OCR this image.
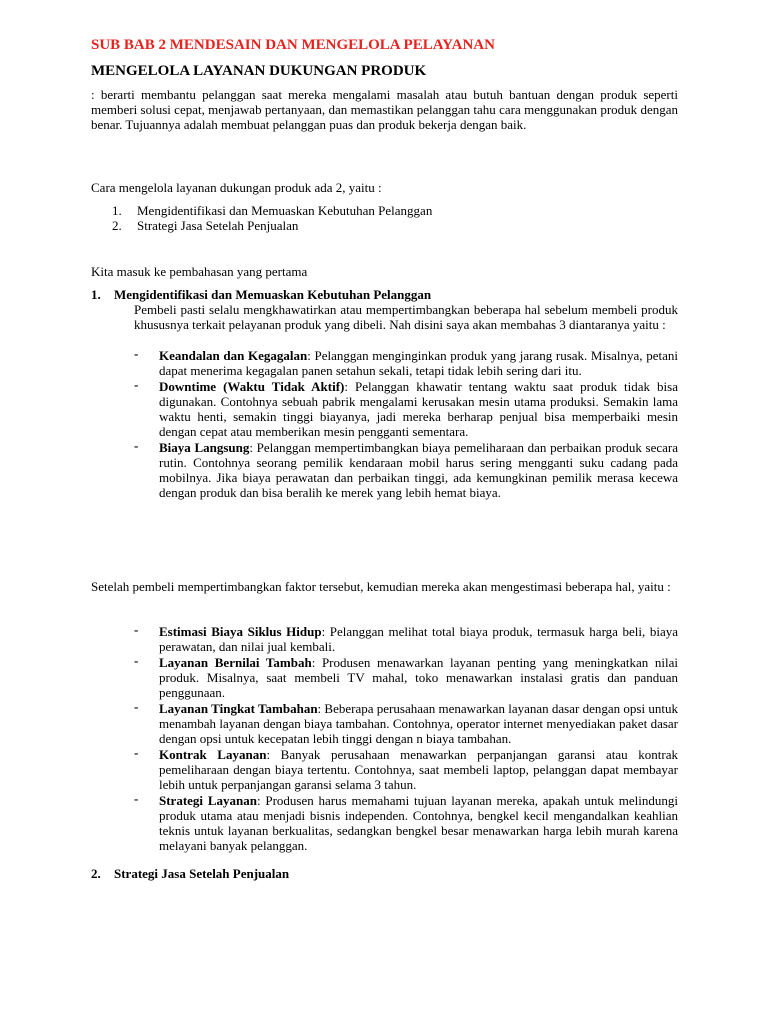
SUB BAB 2 MENDESAIN DAN MENGELOLA PELAYANAN
MENGELOLA LAYANAN DUKUNGAN PRODUK
: berarti membantu pelanggan saat mereka mengalami masalah atau butuh bantuan dengan produk seperti memberi solusi cepat, menjawab pertanyaan, dan memastikan pelanggan tahu cara menggunakan produk dengan benar. Tujuannya adalah membuat pelanggan puas dan produk bekerja dengan baik.
Cara mengelola layanan dukungan produk ada 2, yaitu :
1. Mengidentifikasi dan Memuaskan Kebutuhan Pelanggan
2. Strategi Jasa Setelah Penjualan
Kita masuk ke pembahasan yang pertama
1. Mengidentifikasi dan Memuaskan Kebutuhan Pelanggan
Pembeli pasti selalu mengkhawatirkan atau mempertimbangkan beberapa hal sebelum membeli produk khususnya terkait pelayanan produk yang dibeli. Nah disini saya akan membahas 3 diantaranya yaitu :
- Keandalan dan Kegagalan: Pelanggan menginginkan produk yang jarang rusak. Misalnya, petani dapat menerima kegagalan panen setahun sekali, tetapi tidak lebih sering dari itu.
- Downtime (Waktu Tidak Aktif): Pelanggan khawatir tentang waktu saat produk tidak bisa digunakan. Contohnya sebuah pabrik mengalami kerusakan mesin utama produksi. Semakin lama waktu henti, semakin tinggi biayanya, jadi mereka berharap penjual bisa memperbaiki mesin dengan cepat atau memberikan mesin pengganti sementara.
- Biaya Langsung: Pelanggan mempertimbangkan biaya pemeliharaan dan perbaikan produk secara rutin. Contohnya seorang pemilik kendaraan mobil harus sering mengganti suku cadang pada mobilnya. Jika biaya perawatan dan perbaikan tinggi, ada kemungkinan pemilik merasa kecewa dengan produk dan bisa beralih ke merek yang lebih hemat biaya.
Setelah pembeli mempertimbangkan faktor tersebut, kemudian mereka akan mengestimasi beberapa hal, yaitu :
- Estimasi Biaya Siklus Hidup: Pelanggan melihat total biaya produk, termasuk harga beli, biaya perawatan, dan nilai jual kembali.
- Layanan Bernilai Tambah: Produsen menawarkan layanan penting yang meningkatkan nilai produk. Misalnya, saat membeli TV mahal, toko menawarkan instalasi gratis dan panduan penggunaan.
- Layanan Tingkat Tambahan: Beberapa perusahaan menawarkan layanan dasar dengan opsi untuk menambah layanan dengan biaya tambahan. Contohnya, operator internet menyediakan paket dasar dengan opsi untuk kecepatan lebih tinggi dengan n biaya tambahan.
- Kontrak Layanan: Banyak perusahaan menawarkan perpanjangan garansi atau kontrak pemeliharaan dengan biaya tertentu. Contohnya, saat membeli laptop, pelanggan dapat membayar lebih untuk perpanjangan garansi selama 3 tahun.
- Strategi Layanan: Produsen harus memahami tujuan layanan mereka, apakah untuk melindungi produk utama atau menjadi bisnis independen. Contohnya, bengkel kecil mengandalkan keahlian teknis untuk layanan berkualitas, sedangkan bengkel besar menawarkan harga lebih murah karena melayani banyak pelanggan.
2. Strategi Jasa Setelah Penjualan
